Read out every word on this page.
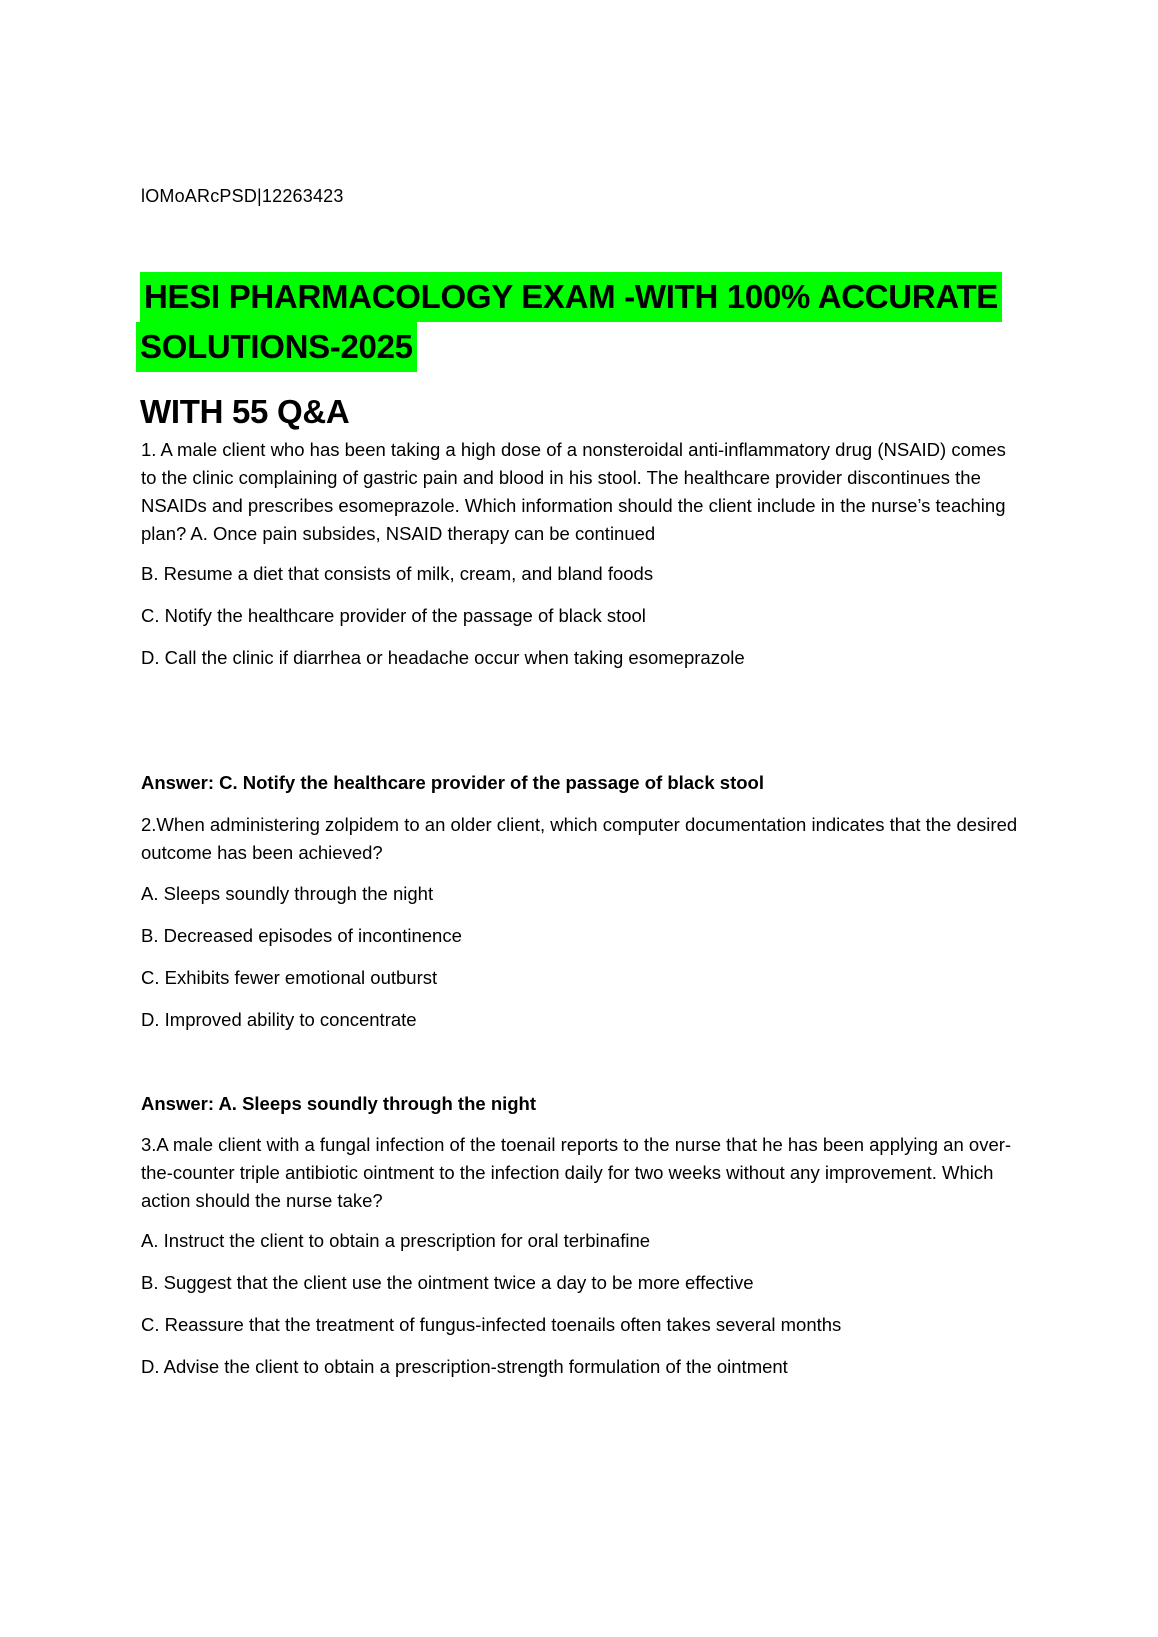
lOMoARcPSD|12263423
HESI PHARMACOLOGY EXAM -WITH 100% ACCURATE
SOLUTIONS-2025
WITH 55 Q&A
1. A male client who has been taking a high dose of a nonsteroidal anti-inflammatory drug (NSAID) comes to the clinic complaining of gastric pain and blood in his stool. The healthcare provider discontinues the NSAIDs and prescribes esomeprazole. Which information should the client include in the nurse’s teaching plan? A. Once pain subsides, NSAID therapy can be continued
B. Resume a diet that consists of milk, cream, and bland foods
C. Notify the healthcare provider of the passage of black stool
D. Call the clinic if diarrhea or headache occur when taking esomeprazole
Answer: C. Notify the healthcare provider of the passage of black stool
2.When administering zolpidem to an older client, which computer documentation indicates that the desired outcome has been achieved?
A. Sleeps soundly through the night
B. Decreased episodes of incontinence
C. Exhibits fewer emotional outburst
D. Improved ability to concentrate
Answer: A. Sleeps soundly through the night
3.A male client with a fungal infection of the toenail reports to the nurse that he has been applying an over-the-counter triple antibiotic ointment to the infection daily for two weeks without any improvement. Which action should the nurse take?
A. Instruct the client to obtain a prescription for oral terbinafine
B. Suggest that the client use the ointment twice a day to be more effective
C. Reassure that the treatment of fungus-infected toenails often takes several months
D. Advise the client to obtain a prescription-strength formulation of the ointment
